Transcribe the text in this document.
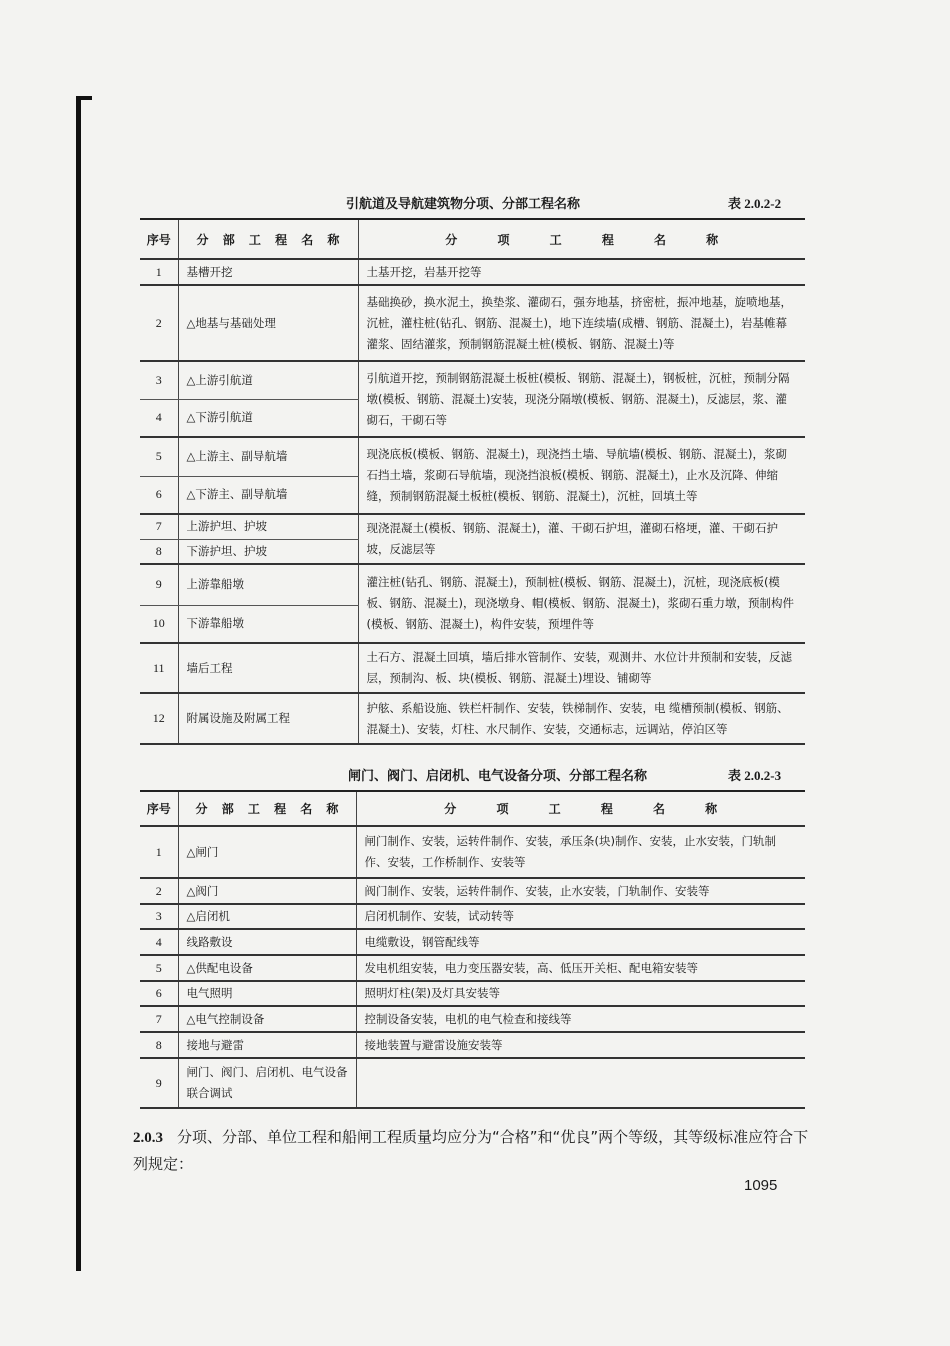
引航道及导航建筑物分项、分部工程名称	表 2.0.2-2
序号	分 部 工 程 名 称	分 项 工 程 名 称
1	基槽开挖	土基开挖，岩基开挖等
2	△地基与基础处理	基础换砂，换水泥土，换垫浆、灌砌石，强夯地基，挤密桩，振冲地基，旋喷地基，沉桩，灌柱桩(钻孔、钢筋、混凝土)，地下连续墙(成槽、钢筋、混凝土)，岩基帷幕灌浆、固结灌浆，预制钢筋混凝土桩(模板、钢筋、混凝土)等
3	△上游引航道	引航道开挖，预制钢筋混凝土板桩(模板、钢筋、混凝土)，钢板桩，沉桩，预制分隔墩(模板、钢筋、混凝土)安装，现浇分隔墩(模板、钢筋、混凝土)，反滤层，浆、灌砌石，干砌石等
4	△下游引航道	
5	△上游主、副导航墙	现浇底板(模板、钢筋、混凝土)，现浇挡土墙、导航墙(模板、钢筋、混凝土)，浆砌石挡土墙，浆砌石导航墙，现浇挡浪板(模板、钢筋、混凝土)，止水及沉降、伸缩缝，预制钢筋混凝土板桩(模板、钢筋、混凝土)，沉桩，回填土等
6	△下游主、副导航墙	
7	上游护坦、护坡	现浇混凝土(模板、钢筋、混凝土)，灌、干砌石护坦，灌砌石格埂，灌、干砌石护坡，反滤层等
8	下游护坦、护坡	
9	上游靠船墩	灌注桩(钻孔、钢筋、混凝土)，预制桩(模板、钢筋、混凝土)，沉桩，现浇底板(模板、钢筋、混凝土)，现浇墩身、帽(模板、钢筋、混凝土)，浆砌石重力墩，预制构件(模板、钢筋、混凝土)，构件安装，预埋件等
10	下游靠船墩	
11	墙后工程	土石方、混凝土回填，墙后排水管制作、安装，观测井、水位计井预制和安装，反滤层，预制沟、板、块(模板、钢筋、混凝土)埋设、铺砌等
12	附属设施及附属工程	护舷、系船设施、铁栏杆制作、安装，铁梯制作、安装，电 缆槽预制(模板、钢筋、混凝土)、安装，灯柱、水尺制作、安装，交通标志，远调站，停泊区等
闸门、阀门、启闭机、电气设备分项、分部工程名称	表 2.0.2-3
序号	分 部 工 程 名 称	分 项 工 程 名 称
1	△闸门	闸门制作、安装，运转件制作、安装，承压条(块)制作、安装，止水安装，门轨制作、安装，工作桥制作、安装等
2	△阀门	阀门制作、安装，运转件制作、安装，止水安装，门轨制作、安装等
3	△启闭机	启闭机制作、安装，试动转等
4	线路敷设	电缆敷设，钢管配线等
5	△供配电设备	发电机组安装，电力变压器安装，高、低压开关柜、配电箱安装等
6	电气照明	照明灯柱(架)及灯具安装等
7	△电气控制设备	控制设备安装，电机的电气检查和接线等
8	接地与避雷	接地装置与避雷设施安装等
9	闸门、阀门、启闭机、电气设备联合调试	
2.0.3 分项、分部、单位工程和船闸工程质量均应分为“合格”和“优良”两个等级，其等级标准应符合下列规定：
1095
